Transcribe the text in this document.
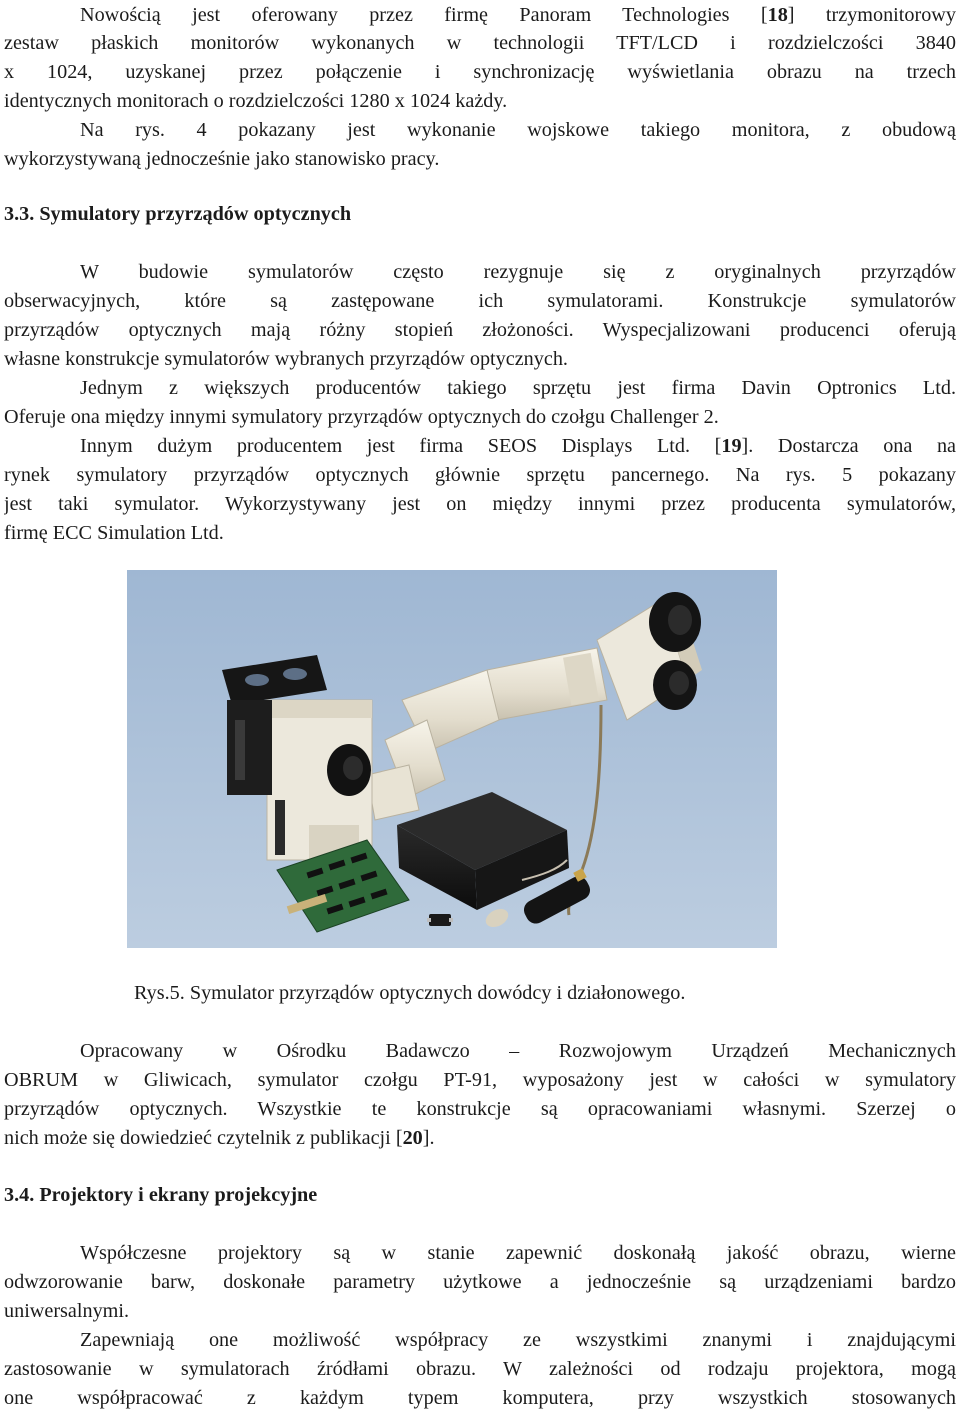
Nowością jest oferowany przez firmę Panoram Technologies [18] trzymonitorowy
zestaw płaskich monitorów wykonanych w technologii TFT/LCD i rozdzielczości 3840
x 1024, uzyskanej przez połączenie i synchronizację wyświetlania obrazu na trzech
identycznych monitorach o rozdzielczości 1280 x 1024 każdy.
Na rys. 4 pokazany jest wykonanie wojskowe takiego monitora, z obudową
wykorzystywaną jednocześnie jako stanowisko pracy.
3.3. Symulatory przyrządów optycznych
W budowie symulatorów często rezygnuje się z oryginalnych przyrządów
obserwacyjnych, które są zastępowane ich symulatorami. Konstrukcje symulatorów
przyrządów optycznych mają różny stopień złożoności. Wyspecjalizowani producenci oferują
własne konstrukcje symulatorów wybranych przyrządów optycznych.
Jednym z większych producentów takiego sprzętu jest firma Davin Optronics Ltd.
Oferuje ona między innymi symulatory przyrządów optycznych do czołgu Challenger 2.
Innym dużym producentem jest firma SEOS Displays Ltd. [19]. Dostarcza ona na
rynek symulatory przyrządów optycznych głównie sprzętu pancernego. Na rys. 5 pokazany
jest taki symulator. Wykorzystywany jest on między innymi przez producenta symulatorów,
firmę ECC Simulation Ltd.
Rys.5. Symulator przyrządów optycznych dowódcy i działonowego.
Opracowany w Ośrodku Badawczo – Rozwojowym Urządzeń Mechanicznych
OBRUM w Gliwicach, symulator czołgu PT-91, wyposażony jest w całości w symulatory
przyrządów optycznych. Wszystkie te konstrukcje są opracowaniami własnymi. Szerzej o
nich może się dowiedzieć czytelnik z publikacji [20].
3.4. Projektory i ekrany projekcyjne
Współczesne projektory są w stanie zapewnić doskonałą jakość obrazu, wierne
odwzorowanie barw, doskonałe parametry użytkowe a jednocześnie są urządzeniami bardzo
uniwersalnymi.
Zapewniają one możliwość współpracy ze wszystkimi znanymi i znajdującymi
zastosowanie w symulatorach źródłami obrazu. W zależności od rodzaju projektora, mogą
one współpracować z każdym typem komputera, przy wszystkich stosowanych
